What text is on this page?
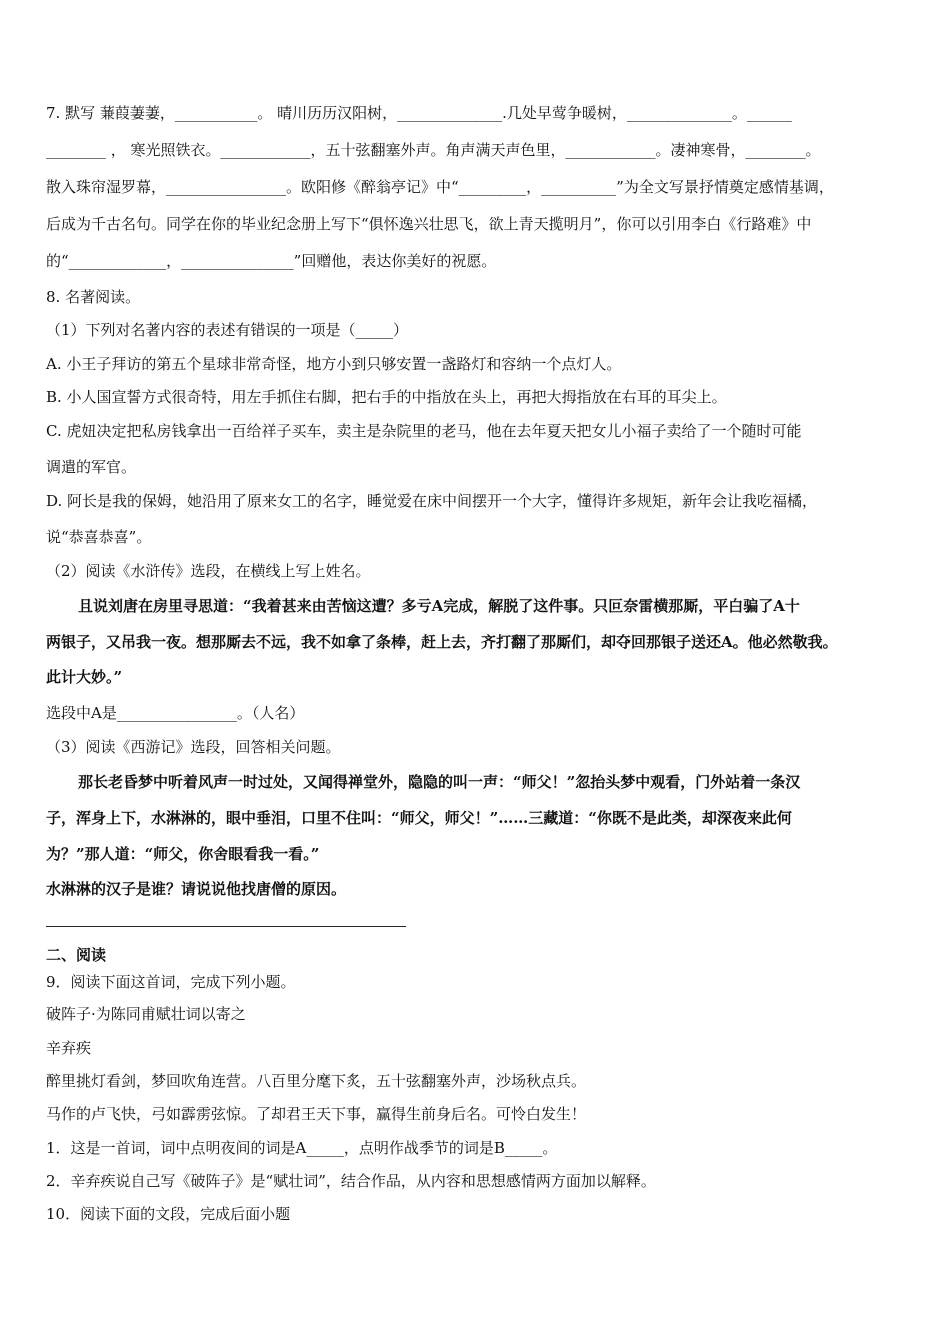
7. 默写 蒹葭萋萋，___________。 晴川历历汉阳树，______________.几处早莺争暖树，______________。______
________ ， 寒光照铁衣。____________，五十弦翻塞外声。角声满天声色里，____________。凄神寒骨，________。
散入珠帘湿罗幕，________________。欧阳修《醉翁亭记》中“_________，__________”为全文写景抒情奠定感情基调，
后成为千古名句。同学在你的毕业纪念册上写下“俱怀逸兴壮思飞，欲上青天揽明月”，你可以引用李白《行路难》中
的“_____________，_______________”回赠他，表达你美好的祝愿。
8. 名著阅读。
（1）下列对名著内容的表述有错误的一项是（_____）
A. 小王子拜访的第五个星球非常奇怪，地方小到只够安置一盏路灯和容纳一个点灯人。
B. 小人国宣誓方式很奇特，用左手抓住右脚，把右手的中指放在头上，再把大拇指放在右耳的耳尖上。
C. 虎妞决定把私房钱拿出一百给祥子买车，卖主是杂院里的老马，他在去年夏天把女儿小福子卖给了一个随时可能
调遣的军官。
D. 阿长是我的保姆，她沿用了原来女工的名字，睡觉爱在床中间摆开一个大字，懂得许多规矩，新年会让我吃福橘，
说“恭喜恭喜”。
（2）阅读《水浒传》选段，在横线上写上姓名。
且说刘唐在房里寻思道：“我着甚来由苦恼这遭？多亏A完成，解脱了这件事。只叵奈雷横那厮，平白骗了A十
两银子，又吊我一夜。想那厮去不远，我不如拿了条棒，赶上去，齐打翻了那厮们，却夺回那银子送还A。他必然敬我。
此计大妙。”
选段中A是________________。（人名）
（3）阅读《西游记》选段，回答相关问题。
那长老昏梦中听着风声一时过处，又闻得禅堂外，隐隐的叫一声：“师父！”忽抬头梦中观看，门外站着一条汉
子，浑身上下，水淋淋的，眼中垂泪，口里不住叫：“师父，师父！”……三藏道：“你既不是此类，却深夜来此何
为？”那人道：“师父，你舍眼看我一看。”
水淋淋的汉子是谁？请说说他找唐僧的原因。
二、阅读
9．阅读下面这首词，完成下列小题。
破阵子·为陈同甫赋壮词以寄之
辛弃疾
醉里挑灯看剑，梦回吹角连营。八百里分麾下炙，五十弦翻塞外声，沙场秋点兵。
马作的卢飞快，弓如霹雳弦惊。了却君王天下事，赢得生前身后名。可怜白发生！
1．这是一首词，词中点明夜间的词是A_____，点明作战季节的词是B_____。
2．辛弃疾说自己写《破阵子》是“赋壮词”，结合作品，从内容和思想感情两方面加以解释。
10．阅读下面的文段，完成后面小题
